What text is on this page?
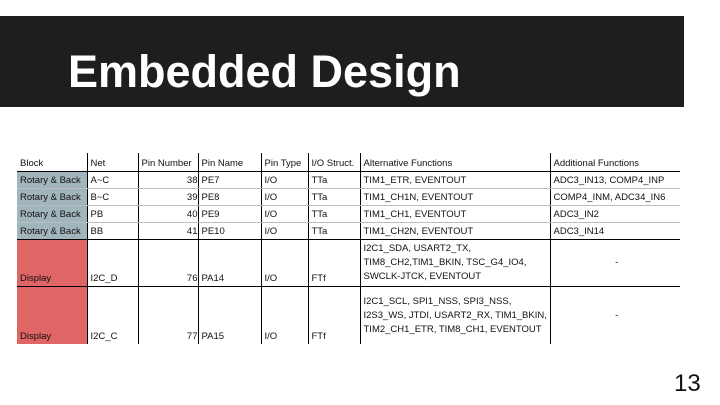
Embedded Design
Block	Net	Pin Number	Pin Name	Pin Type	I/O Struct.	Alternative Functions	Additional Functions
Rotary & Back	A~C	38	PE7	I/O	TTa	TIM1_ETR, EVENTOUT	ADC3_IN13, COMP4_INP
Rotary & Back	B~C	39	PE8	I/O	TTa	TIM1_CH1N, EVENTOUT	COMP4_INM, ADC34_IN6
Rotary & Back	PB	40	PE9	I/O	TTa	TIM1_CH1, EVENTOUT	ADC3_IN2
Rotary & Back	BB	41	PE10	I/O	TTa	TIM1_CH2N, EVENTOUT	ADC3_IN14
Display	I2C_D	76	PA14	I/O	FTf	I2C1_SDA, USART2_TX, TIM8_CH2,TIM1_BKIN, TSC_G4_IO4, SWCLK-JTCK, EVENTOUT	-
Display	I2C_C	77	PA15	I/O	FTf	I2C1_SCL, SPI1_NSS, SPI3_NSS, I2S3_WS, JTDI, USART2_RX, TIM1_BKIN, TIM2_CH1_ETR, TIM8_CH1, EVENTOUT	-
13
